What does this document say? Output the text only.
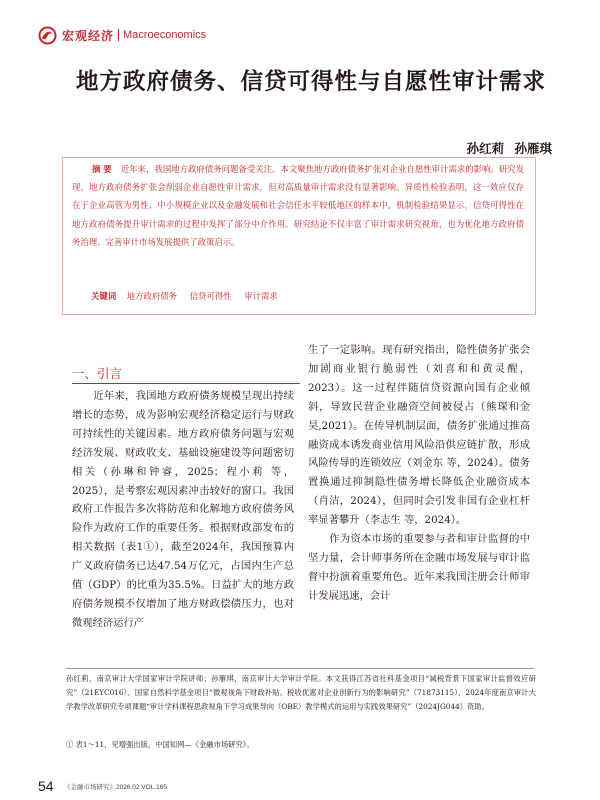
宏观经济 Macroeconomics
地方政府债务、信贷可得性与自愿性审计需求
孙红莉 孙雁琪

摘要 近年来，我国地方政府债务问题备受关注。本文聚焦地方政府债务扩张对企业自愿性审计需求的影响。研究发现，地方政府债务扩张会削弱企业自愿性审计需求，但对高质量审计需求没有显著影响。异质性检验表明，这一效应仅存在于企业高管为男性、中小规模企业以及金融发展和社会信任水平较低地区的样本中。机制检验结果显示，信贷可得性在地方政府债务提升审计需求的过程中发挥了部分中介作用。研究结论不仅丰富了审计需求研究视角，也为优化地方政府债务治理、完善审计市场发展提供了政策启示。

关键词 地方政府债务 信贷可得性 审计需求
一、引言

近年来，我国地方政府债务规模呈现出持续增长的态势，成为影响宏观经济稳定运行与财政可持续性的关键因素。地方政府债务问题与宏观经济发展、财政收支、基础设施建设等问题密切相关（孙琳和钟睿，2025；程小莉 等，2025），是考察宏观因素冲击较好的窗口。我国政府工作报告多次将防范和化解地方政府债务风险作为政府工作的重要任务。根据财政部发布的相关数据（表1①），截至2024年，我国预算内广义政府债务已达47.54万亿元，占国内生产总值（GDP）的比重为35.5%。日益扩大的地方政府债务规模不仅增加了地方财政偿债压力，也对微观经济运行产

生了一定影响。现有研究指出，隐性债务扩张会加剧商业银行脆弱性（刘喜和和黄灵醒，2023）。这一过程伴随信贷资源向国有企业倾斜，导致民营企业融资空间被侵占（熊琛和金昊,2021）。在传导机制层面，债务扩张通过推高融资成本诱发商业信用风险沿供应链扩散，形成风险传导的连锁效应（刘金东 等，2024）。债务置换通过抑制隐性债务增长降低企业融资成本（肖洁，2024），但同时会引发非国有企业杠杆率显著攀升（李志生 等，2024）。
作为资本市场的重要参与者和审计监督的中坚力量，会计师事务所在金融市场发展与审计监督中扮演着重要角色。近年来我国注册会计师审计发展迅速，会计

孙红莉，南京审计大学国家审计学院讲师；孙雁琪，南京审计大学审计学院。本文获得江苏省社科基金项目“减税背景下国家审计监督效应研究”（21EYC016）、国家自然科学基金项目“微观视角下财政补贴、税收优惠对企业创新行为的影响研究”（71873115）、2024年度南京审计大学教学改革研究专项课题“审计学科课程思政视角下学习成果导向（OBE）教学模式的运用与实践效果研究”（2024JG044）资助。

① 表1～11，见增强出版，中国知网—《金融市场研究》。
54 《金融市场研究》2026.02 VOL.165
